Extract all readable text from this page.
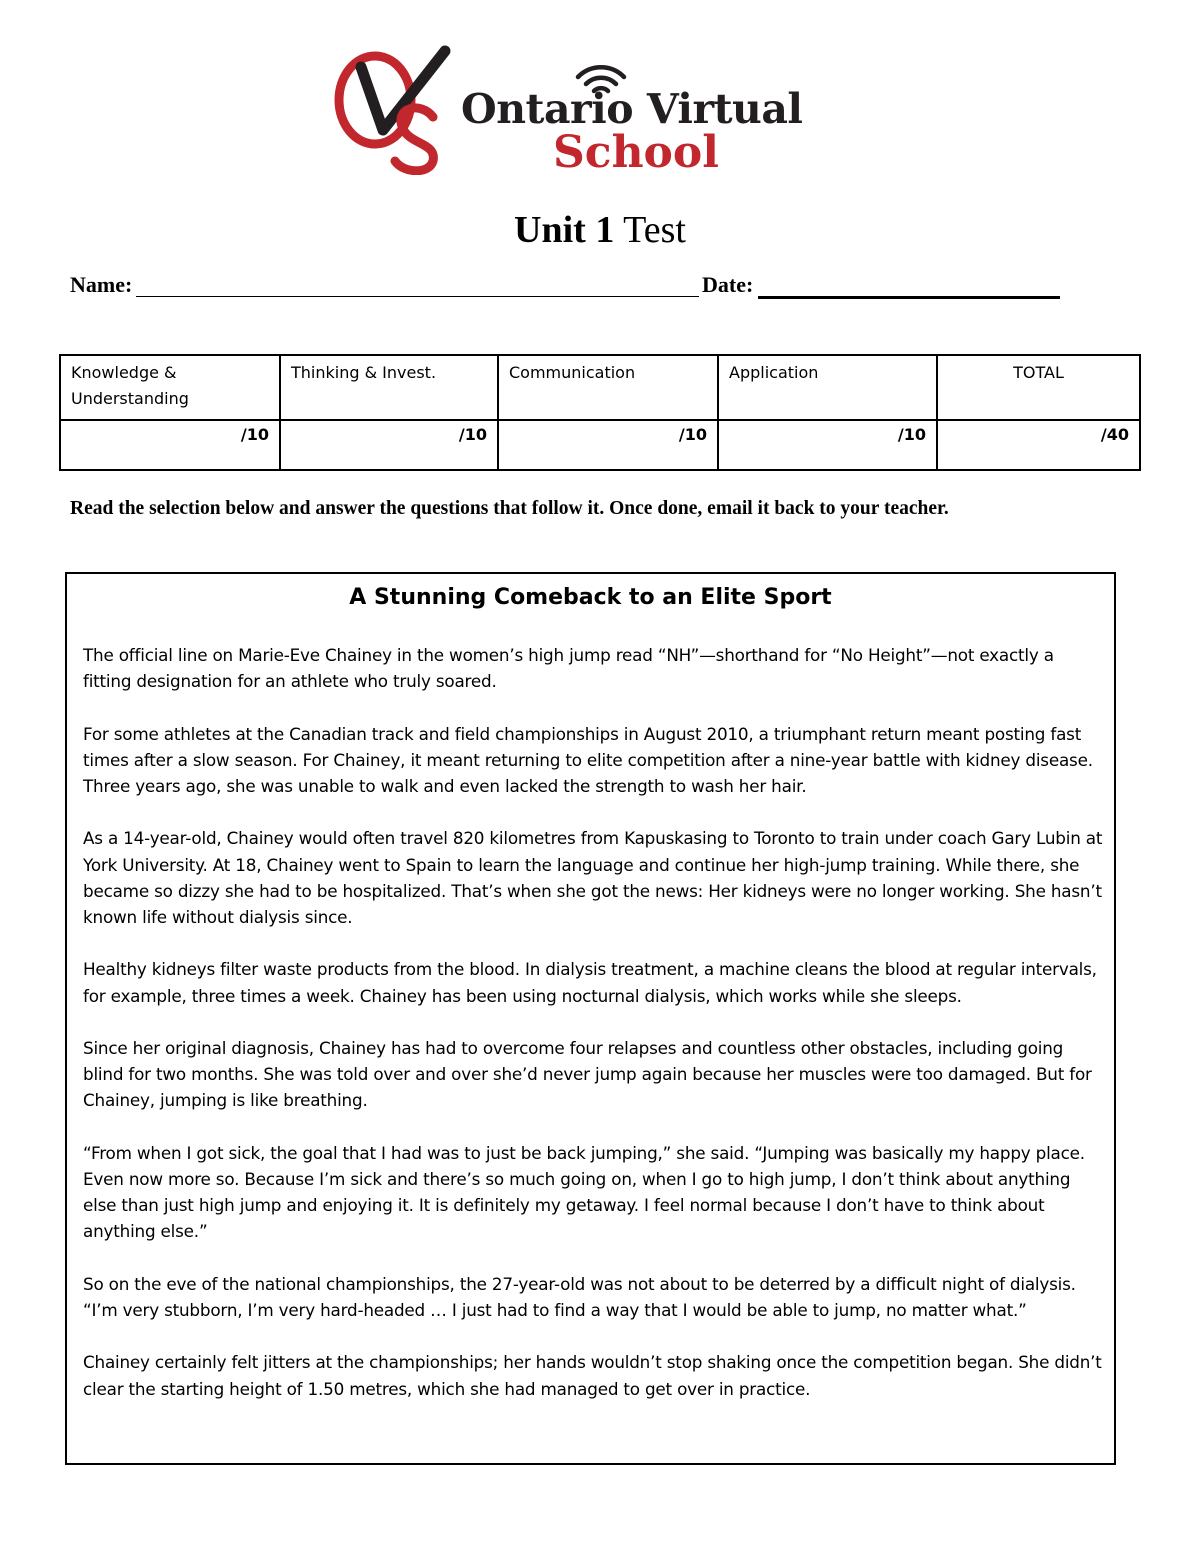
Ontario Virtual
School
Unit 1 Test
Name:	Date:
Knowledge & Understanding	Thinking & Invest.	Communication	Application	TOTAL
/10	/10	/10	/10	/40
Read the selection below and answer the questions that follow it. Once done, email it back to your teacher.
A Stunning Comeback to an Elite Sport

The official line on Marie-Eve Chainey in the women’s high jump read “NH”—shorthand for “No Height”—not exactly a fitting designation for an athlete who truly soared.

For some athletes at the Canadian track and field championships in August 2010, a triumphant return meant posting fast times after a slow season. For Chainey, it meant returning to elite competition after a nine-year battle with kidney disease. Three years ago, she was unable to walk and even lacked the strength to wash her hair.

As a 14-year-old, Chainey would often travel 820 kilometres from Kapuskasing to Toronto to train under coach Gary Lubin at York University. At 18, Chainey went to Spain to learn the language and continue her high-jump training. While there, she became so dizzy she had to be hospitalized. That’s when she got the news: Her kidneys were no longer working. She hasn’t known life without dialysis since.

Healthy kidneys filter waste products from the blood. In dialysis treatment, a machine cleans the blood at regular intervals, for example, three times a week. Chainey has been using nocturnal dialysis, which works while she sleeps.

Since her original diagnosis, Chainey has had to overcome four relapses and countless other obstacles, including going blind for two months. She was told over and over she’d never jump again because her muscles were too damaged. But for Chainey, jumping is like breathing.

“From when I got sick, the goal that I had was to just be back jumping,” she said. “Jumping was basically my happy place. Even now more so. Because I’m sick and there’s so much going on, when I go to high jump, I don’t think about anything else than just high jump and enjoying it. It is definitely my getaway. I feel normal because I don’t have to think about anything else.”

So on the eve of the national championships, the 27-year-old was not about to be deterred by a difficult night of dialysis. “I’m very stubborn, I’m very hard-headed … I just had to find a way that I would be able to jump, no matter what.”

Chainey certainly felt jitters at the championships; her hands wouldn’t stop shaking once the competition began. She didn’t clear the starting height of 1.50 metres, which she had managed to get over in practice.
